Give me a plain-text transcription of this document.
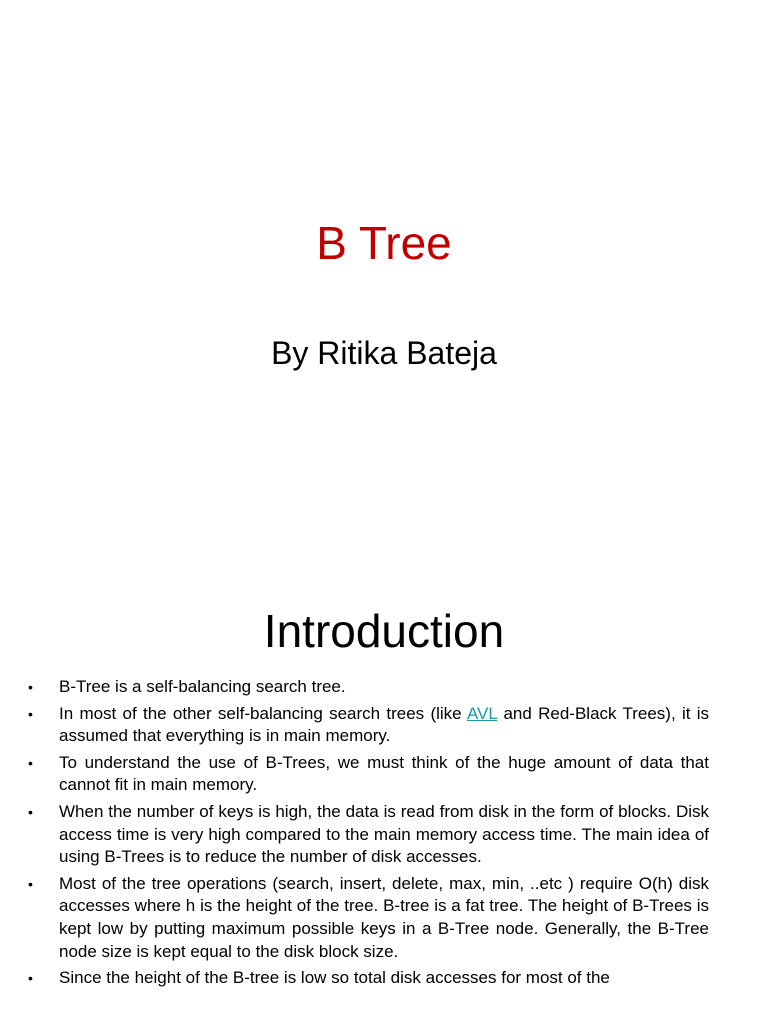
B Tree
By Ritika Bateja
Introduction
• B-Tree is a self-balancing search tree.
• In most of the other self-balancing search trees (like AVL and Red-Black Trees), it is assumed that everything is in main memory.
• To understand the use of B-Trees, we must think of the huge amount of data that cannot fit in main memory.
• When the number of keys is high, the data is read from disk in the form of blocks. Disk access time is very high compared to the main memory access time. The main idea of using B-Trees is to reduce the number of disk accesses.
• Most of the tree operations (search, insert, delete, max, min, ..etc ) require O(h) disk accesses where h is the height of the tree. B-tree is a fat tree. The height of B-Trees is kept low by putting maximum possible keys in a B-Tree node. Generally, the B-Tree node size is kept equal to the disk block size.
• Since the height of the B-tree is low so total disk accesses for most of the
